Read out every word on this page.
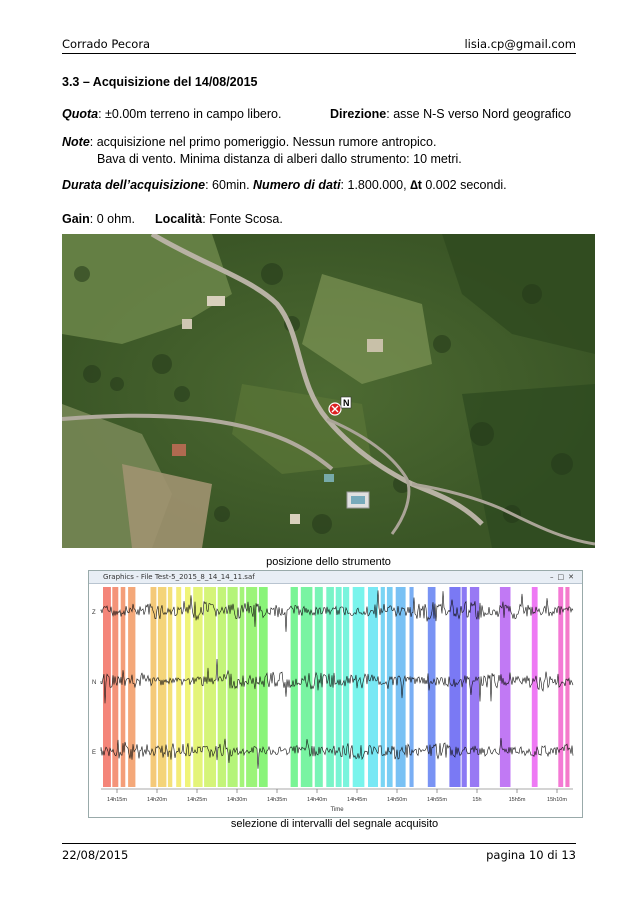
Corrado Pecora	lisia.cp@gmail.com
3.3 – Acquisizione del 14/08/2015
Quota: ±0.00m terreno in campo libero.	Direzione: asse N-S verso Nord geografico
Note: acquisizione nel primo pomeriggio. Nessun rumore antropico.
Bava di vento. Minima distanza di alberi dallo strumento: 10 metri.
Durata dell’acquisizione: 60min. Numero di dati: 1.800.000, ∆t 0.002 secondi.
Gain: 0 ohm. Località: Fonte Scosa.
N
posizione dello strumento
Graphics - File Test-5_2015_8_14_14_11.saf	–□✕
Z
N
E
14h15m	14h20m	14h25m	14h30m	14h35m	14h40m	14h45m	14h50m	14h55m	15h	15h5m	15h10m
Time
selezione di intervalli del segnale acquisito
22/08/2015	pagina 10 di 13
